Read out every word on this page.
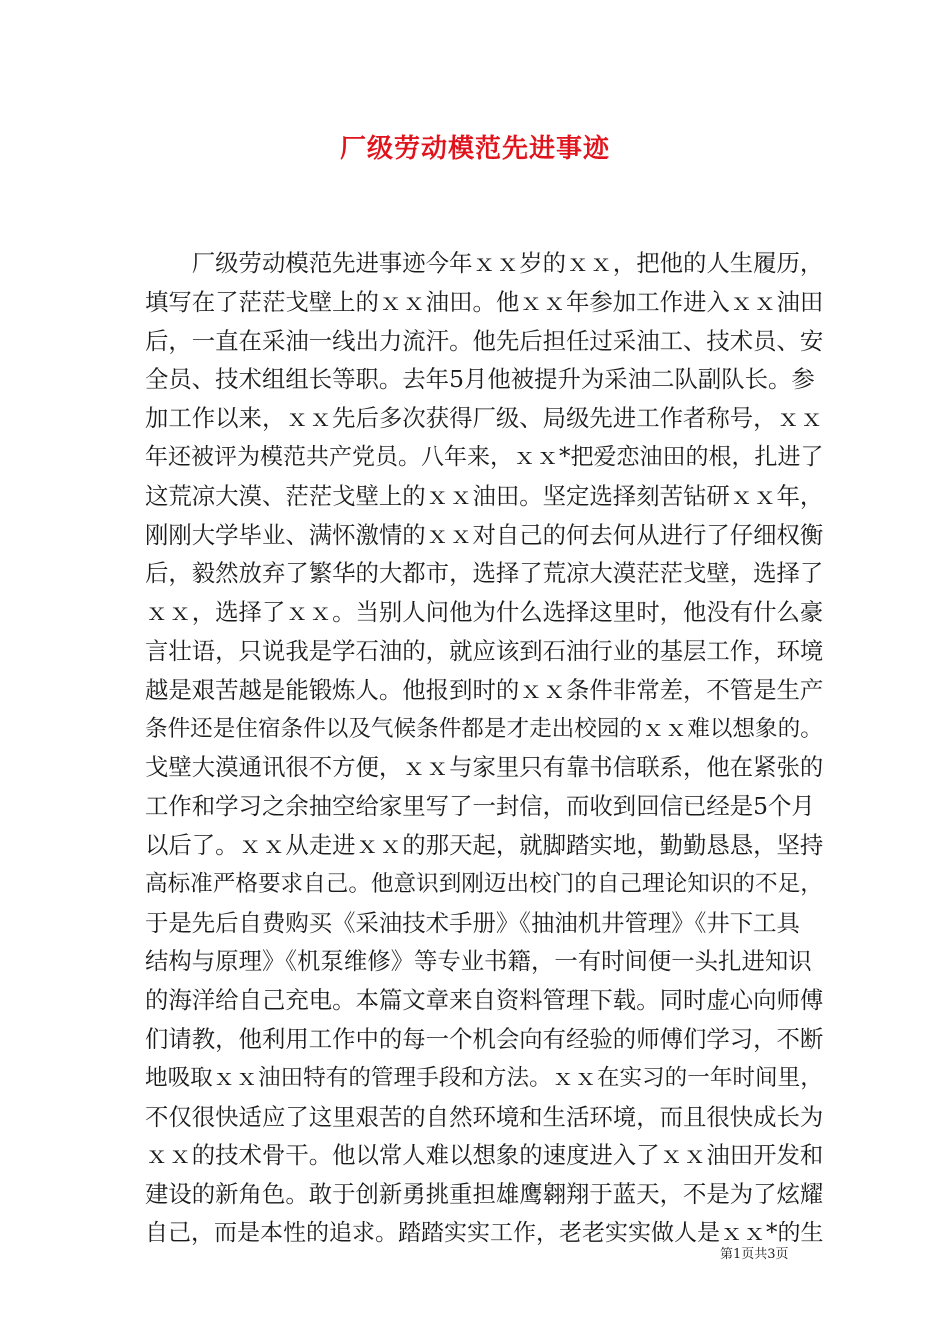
厂级劳动模范先进事迹
　　厂级劳动模范先进事迹今年ｘｘ岁的ｘｘ，把他的人生履历，
填写在了茫茫戈壁上的ｘｘ油田。他ｘｘ年参加工作进入ｘｘ油田
后，一直在采油一线出力流汗。他先后担任过采油工、技术员、安
全员、技术组组长等职。去年5月他被提升为采油二队副队长。参
加工作以来，ｘｘ先后多次获得厂级、局级先进工作者称号，ｘｘ
年还被评为模范共产党员。八年来，ｘｘ*把爱恋油田的根，扎进了
这荒凉大漠、茫茫戈壁上的ｘｘ油田。坚定选择刻苦钻研ｘｘ年，
刚刚大学毕业、满怀激情的ｘｘ对自己的何去何从进行了仔细权衡
后，毅然放弃了繁华的大都市，选择了荒凉大漠茫茫戈壁，选择了
ｘｘ，选择了ｘｘ。当别人问他为什么选择这里时，他没有什么豪
言壮语，只说我是学石油的，就应该到石油行业的基层工作，环境
越是艰苦越是能锻炼人。他报到时的ｘｘ条件非常差，不管是生产
条件还是住宿条件以及气候条件都是才走出校园的ｘｘ难以想象的。
戈壁大漠通讯很不方便，ｘｘ与家里只有靠书信联系，他在紧张的
工作和学习之余抽空给家里写了一封信，而收到回信已经是5个月
以后了。ｘｘ从走进ｘｘ的那天起，就脚踏实地，勤勤恳恳，坚持
高标准严格要求自己。他意识到刚迈出校门的自己理论知识的不足，
于是先后自费购买《采油技术手册》《抽油机井管理》《井下工具
结构与原理》《机泵维修》等专业书籍，一有时间便一头扎进知识
的海洋给自己充电。本篇文章来自资料管理下载。同时虚心向师傅
们请教，他利用工作中的每一个机会向有经验的师傅们学习，不断
地吸取ｘｘ油田特有的管理手段和方法。ｘｘ在实习的一年时间里，
不仅很快适应了这里艰苦的自然环境和生活环境，而且很快成长为
ｘｘ的技术骨干。他以常人难以想象的速度进入了ｘｘ油田开发和
建设的新角色。敢于创新勇挑重担雄鹰翱翔于蓝天，不是为了炫耀
自己，而是本性的追求。踏踏实实工作，老老实实做人是ｘｘ*的生
第1页共3页
